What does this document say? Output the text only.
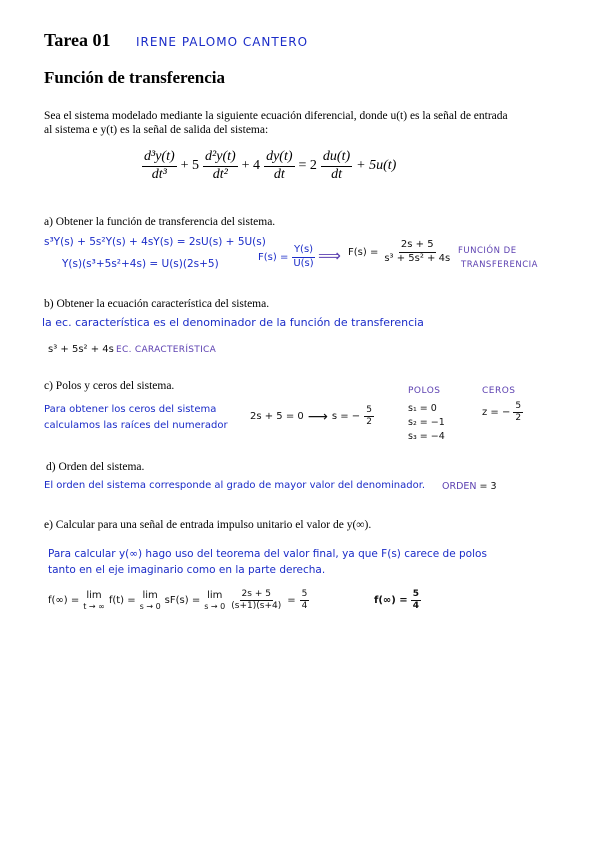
Tarea 01 IRENE PALOMO CANTERO
Función de transferencia
Sea el sistema modelado mediante la siguiente ecuación diferencial, donde u(t) es la señal de entrada
al sistema e y(t) es la señal de salida del sistema:
$\frac{\text{d³y(t)}}{\text{dt³}} + 5 \frac{\text{d²y(t)}}{\text{dt²}} + 4 \frac{dy(t)}{dt} = 2 \frac{du(t)}{dt} + 5u(t)$
a) Obtener la función de transferencia del sistema.
s³Y(s) + 5s²Y(s) + 4sY(s) = 2sU(s) + 5U(s)
Y(s)(s³+5s²+4s) = U(s)(2s+5)
$F(s) = \frac{Y(s)}{U(s)}$ ⟹ $F(s) = \frac{2s + 5}{\text{s³ + 5s² + 4s}}$ FUNCIÓN DE
TRANSFERENCIA
b) Obtener la ecuación característica del sistema.
la ec. característica es el denominador de la función de transferencia
s³ + 5s² + 4s EC. CARACTERÍSTICA
c) Polos y ceros del sistema.
Para obtener los ceros del sistema
calculamos las raíces del numerador
2s + 5 = 0 ⟶ s = − $\frac{5}{2}$
POLOS
s₁ = 0
s₂ = −1
s₃ = −4
CEROS
z = − $\frac{5}{2}$
d) Orden del sistema.
El orden del sistema corresponde al grado de mayor valor del denominador. ORDEN = 3
e) Calcular para una señal de entrada impulso unitario el valor de y(∞).
Para calcular y(∞) hago uso del teorema del valor final, ya que F(s) carece de polos
tanto en el eje imaginario como en la parte derecha.
f(∞) = lim
t → ∞ f(t) = lim
s → 0 sF(s) = lim
$s \to 0 \frac{2s + 5}{(s+1)(s+4)} = \frac{5}{4}$	$f(\infty) = \frac{5}{4}$
